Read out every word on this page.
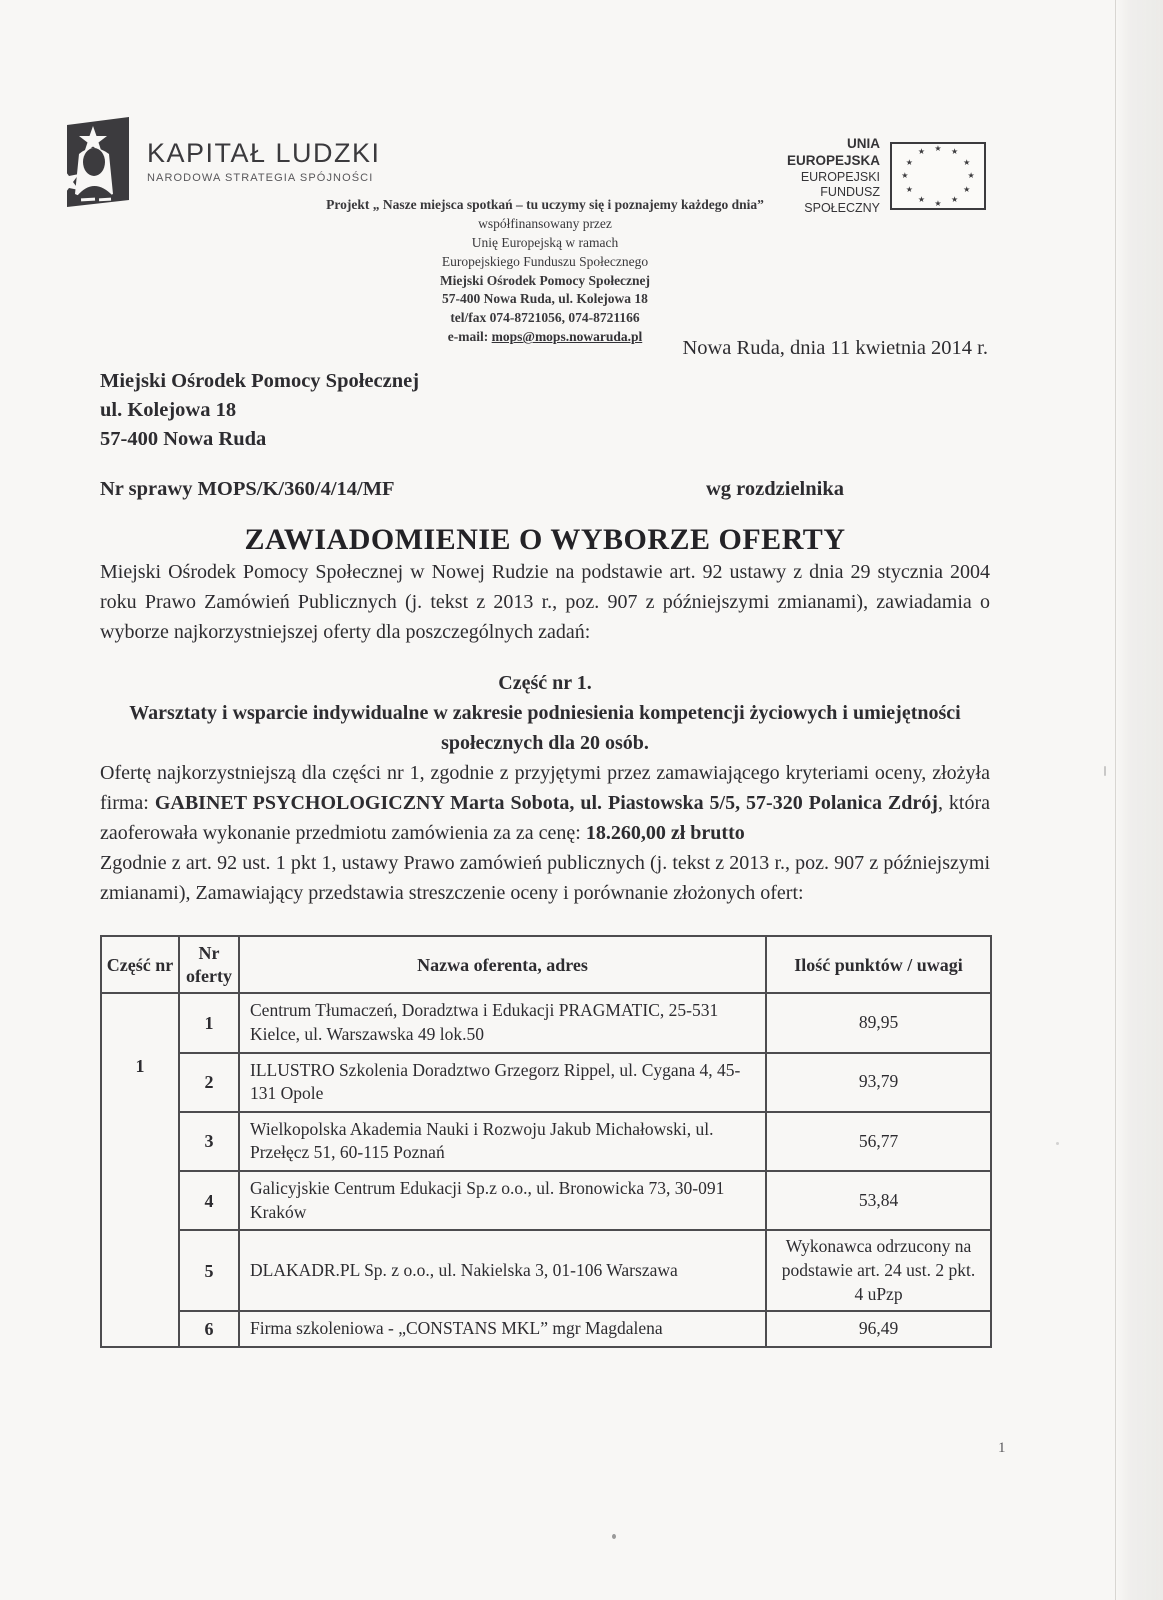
KAPITAŁ LUDZKI
NARODOWA STRATEGIA SPÓJNOŚCI
UNIA EUROPEJSKA
EUROPEJSKI
FUNDUSZ SPOŁECZNY
★ ★
★
★
★
★
★
★
★
★
★
★
Projekt „ Nasze miejsca spotkań – tu uczymy się i poznajemy każdego dnia”
współfinansowany przez
Unię Europejską w ramach
Europejskiego Funduszu Społecznego
Miejski Ośrodek Pomocy Społecznej
57-400 Nowa Ruda, ul. Kolejowa 18
tel/fax 074-8721056, 074-8721166
e-mail: mops@mops.nowaruda.pl
Nowa Ruda, dnia 11 kwietnia 2014 r.
Miejski Ośrodek Pomocy Społecznej
ul. Kolejowa 18
57-400 Nowa Ruda
Nr sprawy MOPS/K/360/4/14/MF	wg rozdzielnika
ZAWIADOMIENIE O WYBORZE OFERTY

Miejski Ośrodek Pomocy Społecznej w Nowej Rudzie na podstawie art. 92 ustawy z dnia 29 stycznia 2004 roku Prawo Zamówień Publicznych (j. tekst z 2013 r., poz. 907 z późniejszymi zmianami), zawiadamia o wyborze najkorzystniejszej oferty dla poszczególnych zadań:

Część nr 1.
Warsztaty i wsparcie indywidualne w zakresie podniesienia kompetencji życiowych i umiejętności społecznych dla 20 osób.

Ofertę najkorzystniejszą dla części nr 1, zgodnie z przyjętymi przez zamawiającego kryteriami oceny, złożyła firma: GABINET PSYCHOLOGICZNY Marta Sobota, ul. Piastowska 5/5, 57-320 Polanica Zdrój, która zaoferowała wykonanie przedmiotu zamówienia za za cenę: 18.260,00 zł brutto

Zgodnie z art. 92 ust. 1 pkt 1, ustawy Prawo zamówień publicznych (j. tekst z 2013 r., poz. 907 z późniejszymi zmianami), Zamawiający przedstawia streszczenie oceny i porównanie złożonych ofert:

Część nr	Nr oferty	Nazwa oferenta, adres	Ilość punktów / uwagi
1	1	Centrum Tłumaczeń, Doradztwa i Edukacji PRAGMATIC, 25-531 Kielce, ul. Warszawska 49 lok.50	89,95
	2	ILLUSTRO Szkolenia Doradztwo Grzegorz Rippel, ul. Cygana 4, 45-131 Opole	93,79
	3	Wielkopolska Akademia Nauki i Rozwoju Jakub Michałowski, ul. Przełęcz 51, 60-115 Poznań	56,77
	4	Galicyjskie Centrum Edukacji Sp.z o.o., ul. Bronowicka 73, 30-091 Kraków	53,84
	5	DLAKADR.PL Sp. z o.o., ul. Nakielska 3, 01-106 Warszawa	Wykonawca odrzucony na podstawie art. 24 ust. 2 pkt. 4 uPzp
	6	Firma szkoleniowa - „CONSTANS MKL” mgr Magdalena	96,49
1
